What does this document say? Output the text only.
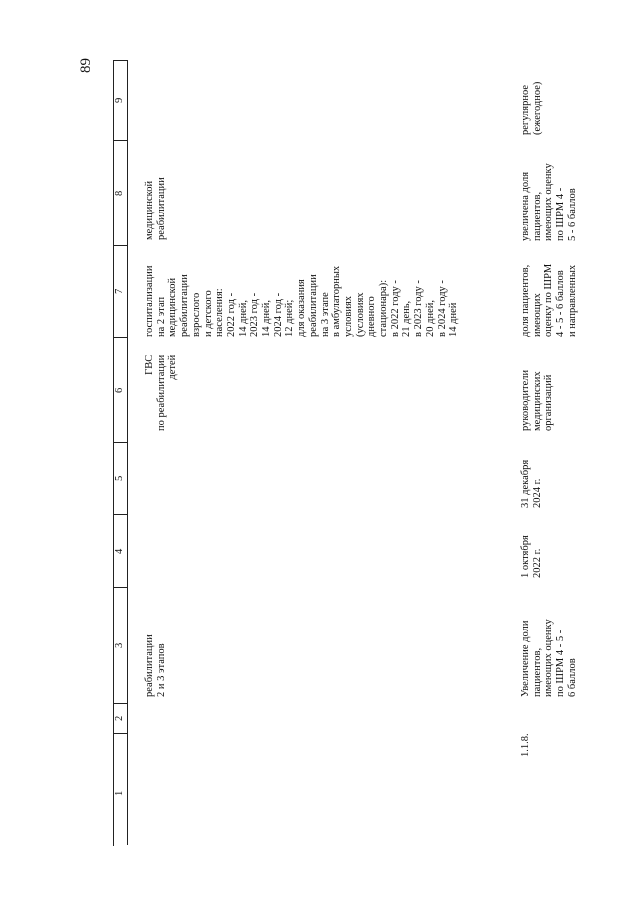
89
9
8
7
6
5
4
3
2
1
медицинской
реабилитации
госпитализации
на 2 этап
медицинской
реабилитации
взрослого
и детского
населения:
2022 год -
14 дней,
2023 год -
14 дней,
2024 год -
12 дней;
для оказания
реабилитации
на 3 этапе
в амбулаторных
условиях
(условиях
дневного
стационара):
в 2022 году -
21 день,
в 2023 году -
20 дней,
в 2024 году -
14 дней
ГВС
по реабилитации
детей
реабилитации
2 и 3 этапов
регулярное
(ежегодное)
увеличена доля
пациентов,
имеющих оценку
по ШРМ 4 -
5 - 6 баллов
доля пациентов,
имеющих
оценку по ШРМ
4 - 5 - 6 баллов
и направленных
руководители
медицинских
организаций
31 декабря
2024 г.
1 октября
2022 г.
Увеличение доли
пациентов,
имеющих оценку
по ШРМ 4 - 5 -
6 баллов
1.1.8.
